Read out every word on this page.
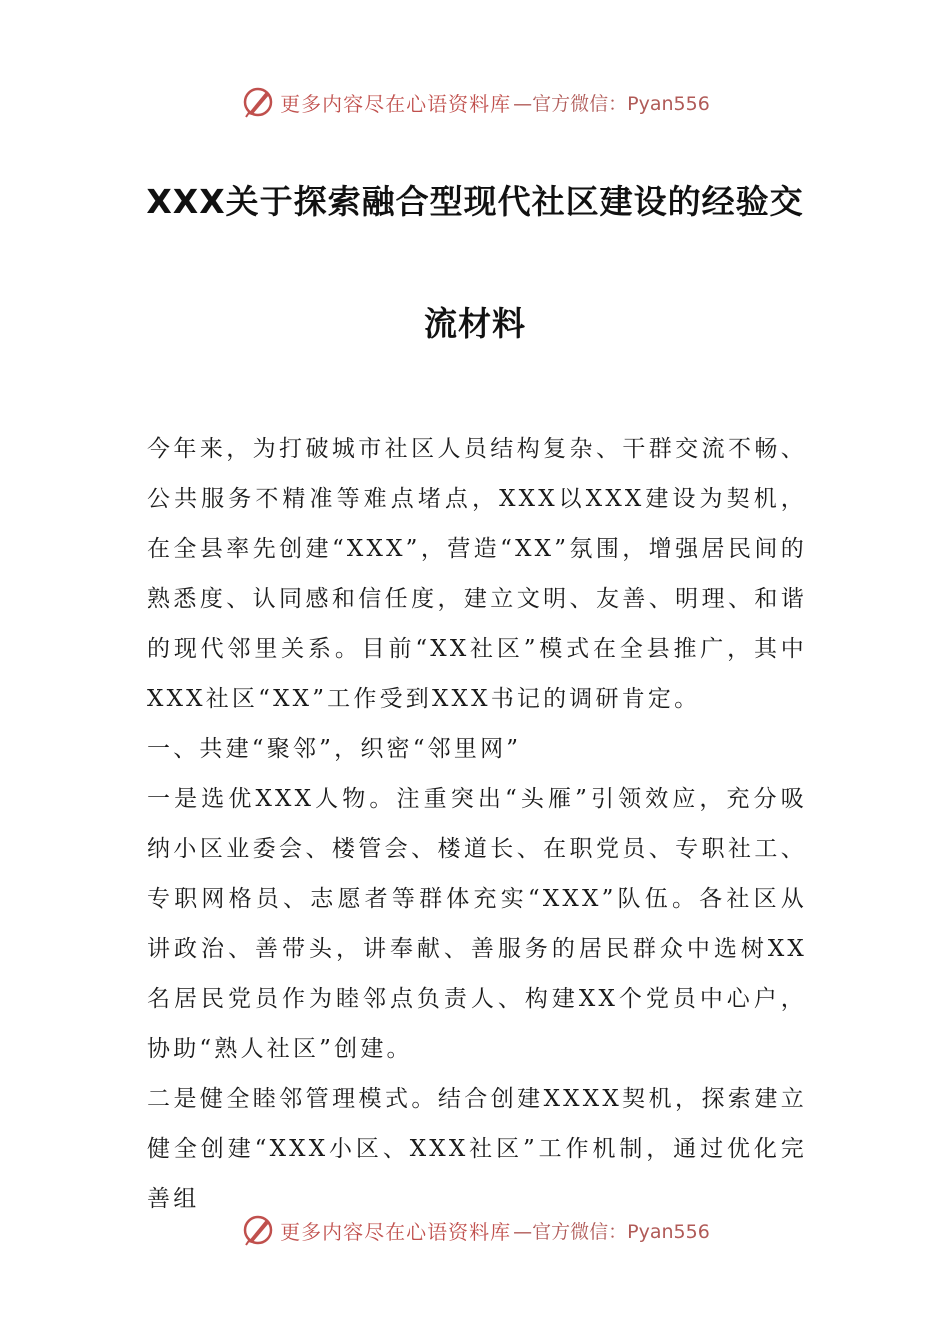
更多内容尽在心语资料库 —官方微信：Pyan556
XXX关于探索融合型现代社区建设的经验交
流材料

今年来，为打破城市社区人员结构复杂、干群交流不畅、公共服务不精准等难点堵点，XXX以XXX建设为契机，在全县率先创建“XXX”，营造“XX”氛围，增强居民间的熟悉度、认同感和信任度，建立文明、友善、明理、和谐的现代邻里关系。目前“XX社区”模式在全县推广，其中XXX社区“XX”工作受到XXX书记的调研肯定。

一、共建“聚邻”，织密“邻里网”

一是选优XXX人物。注重突出“头雁”引领效应，充分吸纳小区业委会、楼管会、楼道长、在职党员、专职社工、专职网格员、志愿者等群体充实“XXX”队伍。各社区从讲政治、善带头，讲奉献、善服务的居民群众中选树XX名居民党员作为睦邻点负责人、构建XX个党员中心户，协助“熟人社区”创建。

二是健全睦邻管理模式。结合创建XXXX契机，探索建立健全创建“XXX小区、XXX社区”工作机制，通过优化完善组

更多内容尽在心语资料库 —官方微信：Pyan556
